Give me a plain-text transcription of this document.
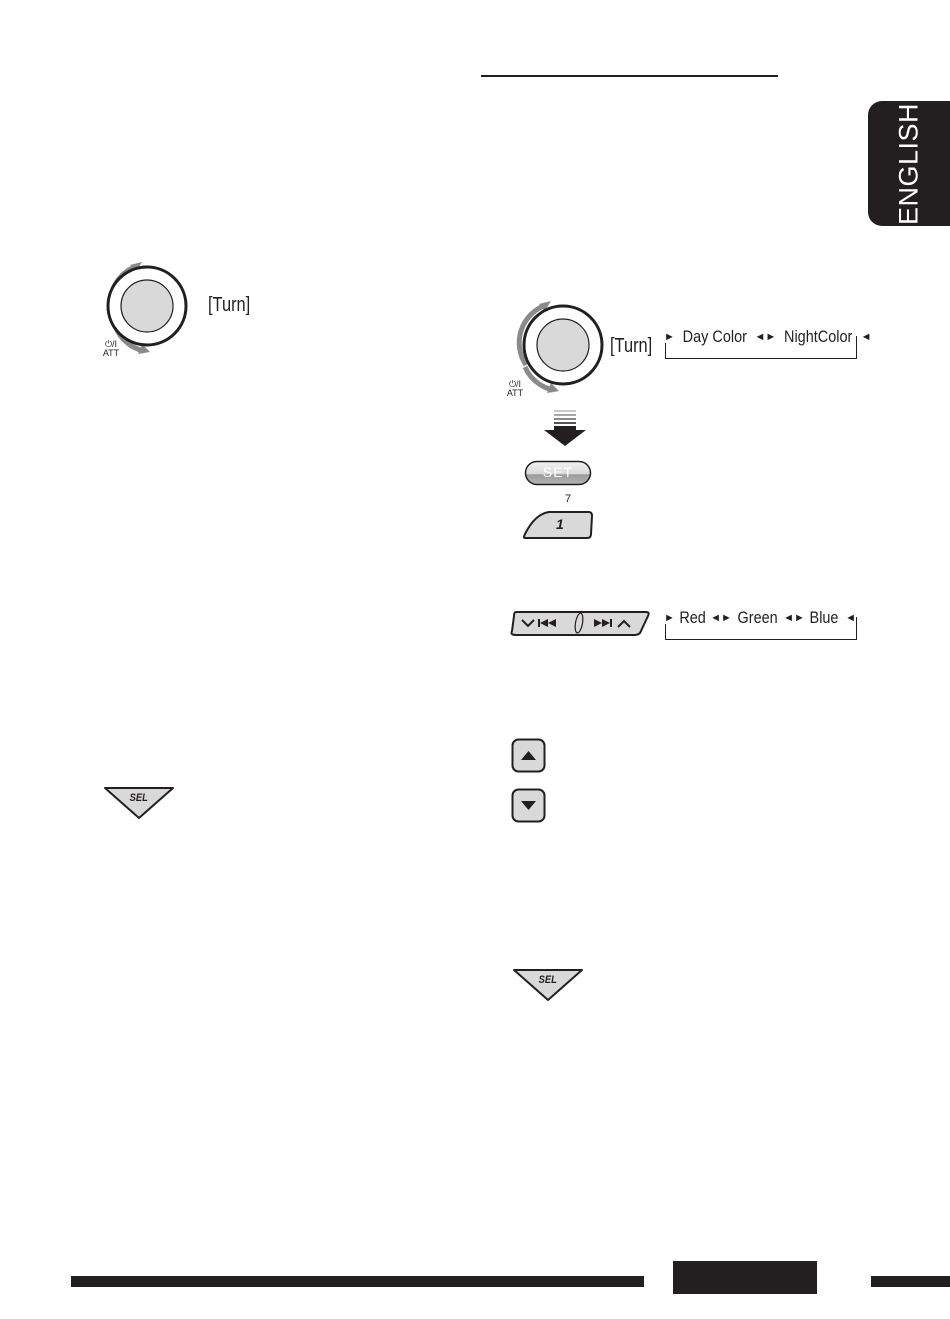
ENGLISH
[Turn]
⏻/I
ATT
SEL
[Turn]
⏻/I
ATT
► Day Color ◄► NightColor ◄
SET
7
1
► Red ◄► Green ◄► Blue ◄
SEL
